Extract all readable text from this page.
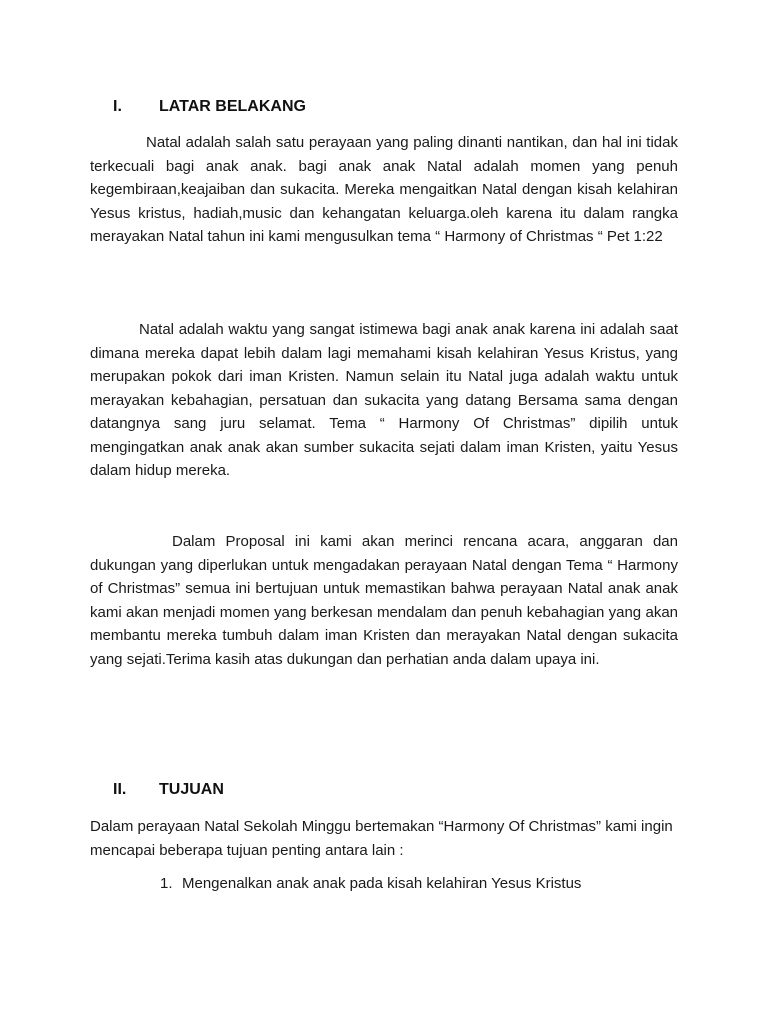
I. LATAR BELAKANG

Natal adalah salah satu perayaan yang paling dinanti nantikan, dan hal ini tidak terkecuali bagi anak anak. bagi anak anak Natal adalah momen yang penuh kegembiraan,keajaiban dan sukacita. Mereka mengaitkan Natal dengan kisah kelahiran Yesus kristus, hadiah,music dan kehangatan keluarga.oleh karena itu dalam rangka merayakan Natal tahun ini kami mengusulkan tema “ Harmony of Christmas “ Pet 1:22

Natal adalah waktu yang sangat istimewa bagi anak anak karena ini adalah saat dimana mereka dapat lebih dalam lagi memahami kisah kelahiran Yesus Kristus, yang merupakan pokok dari iman Kristen. Namun selain itu Natal juga adalah waktu untuk merayakan kebahagian, persatuan dan sukacita yang datang Bersama sama dengan datangnya sang juru selamat. Tema “ Harmony Of Christmas” dipilih untuk mengingatkan anak anak akan sumber sukacita sejati dalam iman Kristen, yaitu Yesus dalam hidup mereka.

Dalam Proposal ini kami akan merinci rencana acara, anggaran dan dukungan yang diperlukan untuk mengadakan perayaan Natal dengan Tema “ Harmony of Christmas” semua ini bertujuan untuk memastikan bahwa perayaan Natal anak anak kami akan menjadi momen yang berkesan mendalam dan penuh kebahagian yang akan membantu mereka tumbuh dalam iman Kristen dan merayakan Natal dengan sukacita yang sejati.Terima kasih atas dukungan dan perhatian anda dalam upaya ini.

II. TUJUAN

Dalam perayaan Natal Sekolah Minggu bertemakan “Harmony Of Christmas” kami ingin mencapai beberapa tujuan penting antara lain :

1. Mengenalkan anak anak pada kisah kelahiran Yesus Kristus
